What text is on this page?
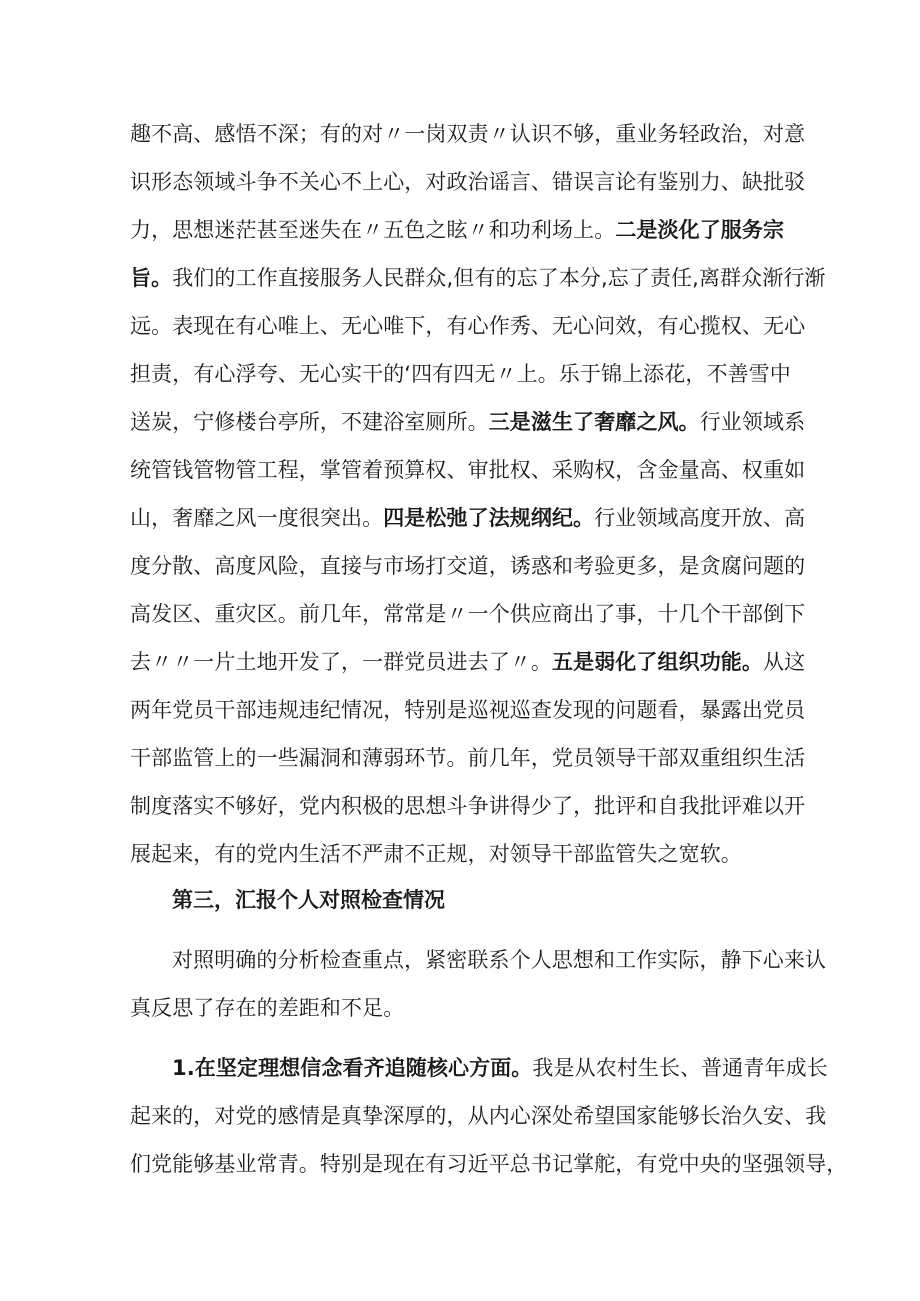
趣不高、感悟不深；有的对〃一岗双责〃认识不够，重业务轻政治，对意
识形态领域斗争不关心不上心，对政治谣言、错误言论有鉴别力、缺批驳
力，思想迷茫甚至迷失在〃五色之眩〃和功利场上。二是淡化了服务宗
旨。我们的工作直接服务人民群众,但有的忘了本分,忘了责任,离群众渐行渐
远。表现在有心唯上、无心唯下，有心作秀、无心问效，有心揽权、无心
担责，有心浮夸、无心实干的‘四有四无〃上。乐于锦上添花，不善雪中
送炭，宁修楼台亭所，不建浴室厕所。三是滋生了奢靡之风。行业领域系
统管钱管物管工程，掌管着预算权、审批权、采购权，含金量高、权重如
山，奢靡之风一度很突出。四是松弛了法规纲纪。行业领域高度开放、高
度分散、高度风险，直接与市场打交道，诱惑和考验更多，是贪腐问题的
高发区、重灾区。前几年，常常是〃一个供应商出了事，十几个干部倒下
去〃〃一片土地开发了，一群党员进去了〃。五是弱化了组织功能。从这
两年党员干部违规违纪情况，特别是巡视巡查发现的问题看，暴露出党员
干部监管上的一些漏洞和薄弱环节。前几年，党员领导干部双重组织生活
制度落实不够好，党内积极的思想斗争讲得少了，批评和自我批评难以开
展起来，有的党内生活不严肃不正规，对领导干部监管失之宽软。
第三，汇报个人对照检查情况
对照明确的分析检查重点，紧密联系个人思想和工作实际，静下心来认
真反思了存在的差距和不足。
1.在坚定理想信念看齐追随核心方面。我是从农村生长、普通青年成长
起来的，对党的感情是真挚深厚的，从内心深处希望国家能够长治久安、我
们党能够基业常青。特别是现在有习近平总书记掌舵，有党中央的坚强领导，
